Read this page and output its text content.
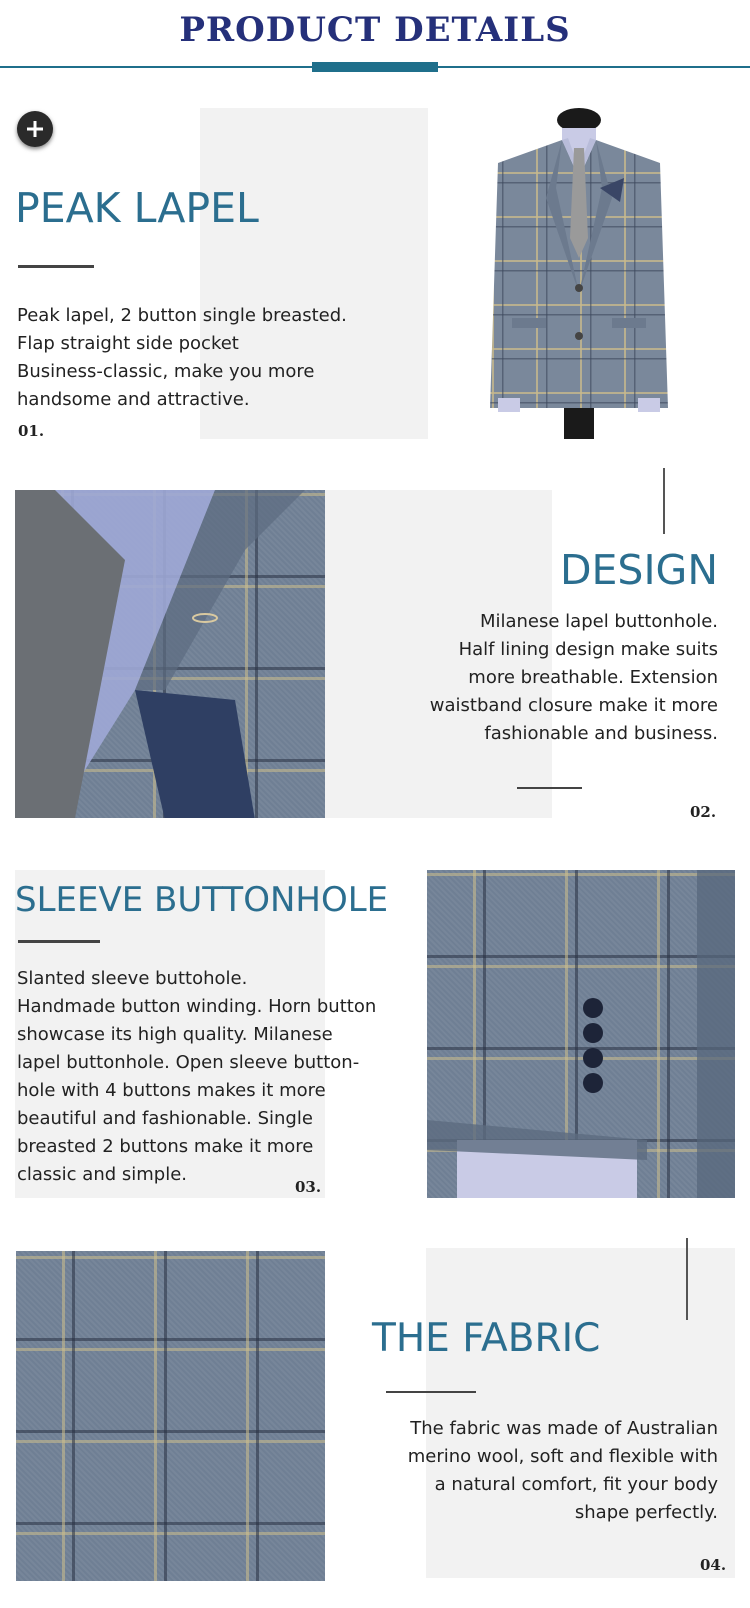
PRODUCT DETAILS
PEAK LAPEL
Peak lapel, 2 button single breasted.
Flap straight side pocket
Business-classic, make you more
handsome and attractive.
01.
DESIGN
Milanese lapel buttonhole.
Half lining design make suits
more breathable. Extension
waistband closure make it more
fashionable and business.
02.
SLEEVE BUTTONHOLE
Slanted sleeve buttohole.
Handmade button winding. Horn button
showcase its high quality. Milanese
lapel buttonhole. Open sleeve button-
hole with 4 buttons makes it more
beautiful and fashionable. Single
breasted 2 buttons make it more
classic and simple.
03.
THE FABRIC
The fabric was made of Australian
merino wool, soft and flexible with
a natural comfort, fit your body
shape perfectly.
04.
